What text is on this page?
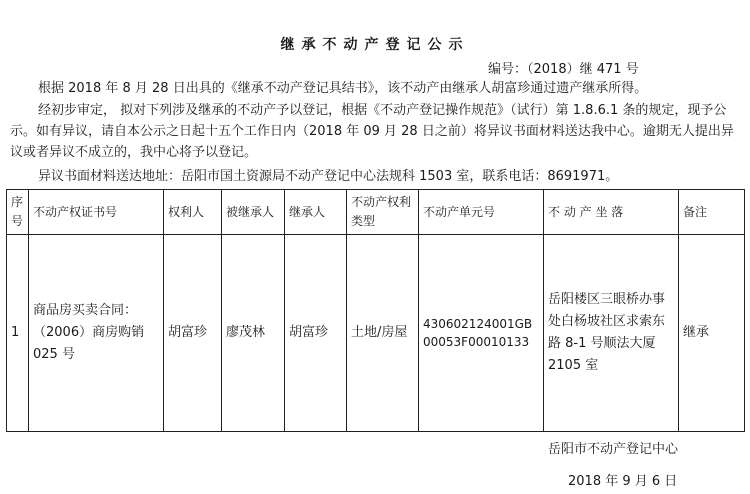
继承不动产登记公示
编号：（2018）继 471 号
根据 2018 年 8 月 28 日出具的《继承不动产登记具结书》，该不动产由继承人胡富珍通过遗产继承所得。
经初步审定， 拟对下列涉及继承的不动产予以登记，根据《不动产登记操作规范》（试行）第 1.8.6.1 条的规定，现予公示。如有异议，请自本公示之日起十五个工作日内（2018 年 09 月 28 日之前）将异议书面材料送达我中心。逾期无人提出异议或者异议不成立的，我中心将予以登记。
异议书面材料送达地址：岳阳市国土资源局不动产登记中心法规科 1503 室，联系电话：8691971。
序号	不动产权证书号	权利人	被继承人	继承人	不动产权利类型	不动产单元号	不 动 产 坐 落	备注
1	商品房买卖合同：（2006）商房购销 025 号	胡富珍	廖茂林	胡富珍	土地/房屋	430602124001GB00053F00010133	岳阳楼区三眼桥办事处白杨坡社区求索东路 8-1 号顺法大厦 2105 室	继承
岳阳市不动产登记中心
2018 年 9 月 6 日
